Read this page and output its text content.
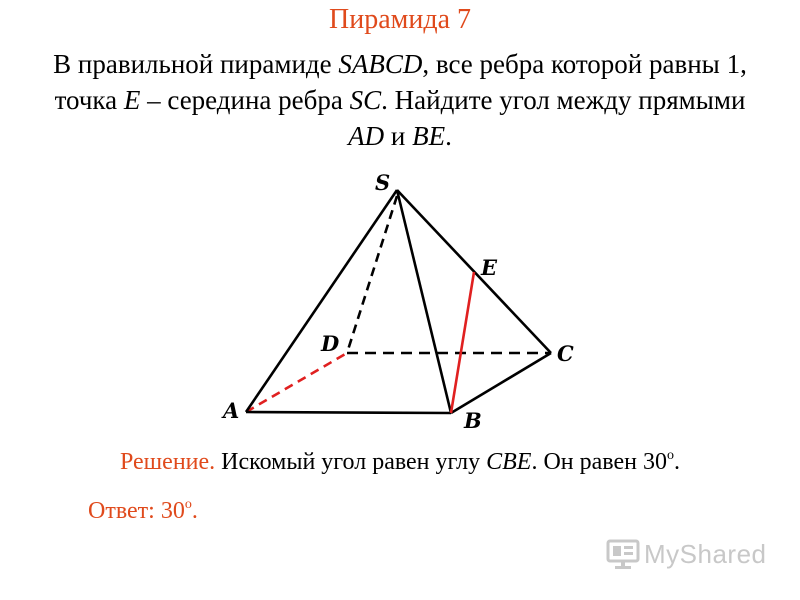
Пирамида 7
В правильной пирамиде SABCD, все ребра которой равны 1, точка E – середина ребра SC. Найдите угол между прямыми AD и BE.
S
E
D	C
A	B
Решение. Искомый угол равен углу CBE. Он равен 30$^o$.
Ответ: 30$^o$.
MyShared
